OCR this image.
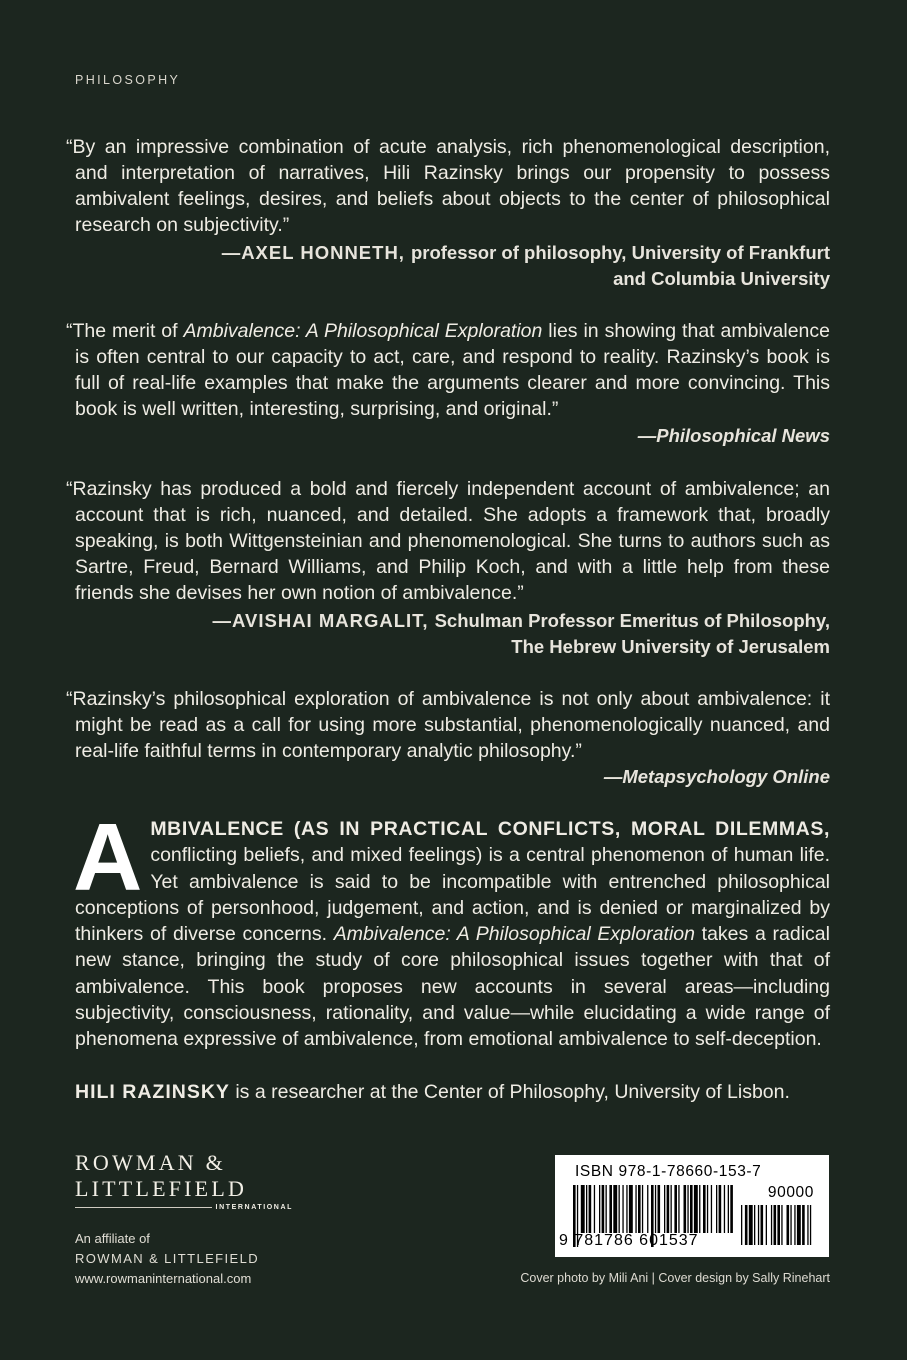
PHILOSOPHY

“By an impressive combination of acute analysis, rich phenomenological description, and interpretation of narratives, Hili Razinsky brings our propensity to possess ambivalent feelings, desires, and beliefs about objects to the center of philosophical research on subjectivity.”

—AXEL HONNETH, professor of philosophy, University of Frankfurt
and Columbia University

“The merit of Ambivalence: A Philosophical Exploration lies in showing that ambivalence is often central to our capacity to act, care, and respond to reality. Razinsky’s book is full of real-life examples that make the arguments clearer and more convincing. This book is well written, interesting, surprising, and original.”

—Philosophical News

“Razinsky has produced a bold and fiercely independent account of ambivalence; an account that is rich, nuanced, and detailed. She adopts a framework that, broadly speaking, is both Wittgensteinian and phenomenological. She turns to authors such as Sartre, Freud, Bernard Williams, and Philip Koch, and with a little help from these friends she devises her own notion of ambivalence.”

—AVISHAI MARGALIT, Schulman Professor Emeritus of Philosophy,
The Hebrew University of Jerusalem

“Razinsky’s philosophical exploration of ambivalence is not only about ambivalence: it might be read as a call for using more substantial, phenomenologically nuanced, and real-life faithful terms in contemporary analytic philosophy.”

—Metapsychology Online
AMBIVALENCE (AS IN PRACTICAL CONFLICTS, MORAL DILEMMAS, conflicting beliefs, and mixed feelings) is a central phenomenon of human life. Yet ambivalence is said to be incompatible with entrenched philosophical conceptions of personhood, judgement, and action, and is denied or marginalized by thinkers of diverse concerns. Ambivalence: A Philosophical Exploration takes a radical new stance, bringing the study of core philosophical issues together with that of ambivalence. This book proposes new accounts in several areas—including subjectivity, consciousness, rationality, and value—while elucidating a wide range of phenomena expressive of ambivalence, from emotional ambivalence to self-deception.
HILI RAZINSKY is a researcher at the Center of Philosophy, University of Lisbon.
ROWMAN &
LITTLEFIELD
INTERNATIONAL
An affiliate of
ROWMAN & LITTLEFIELD
www.rowmaninternational.com
ISBN 978-1-78660-153-7
90000
9 781786 601537
Cover photo by Mili Ani | Cover design by Sally Rinehart
